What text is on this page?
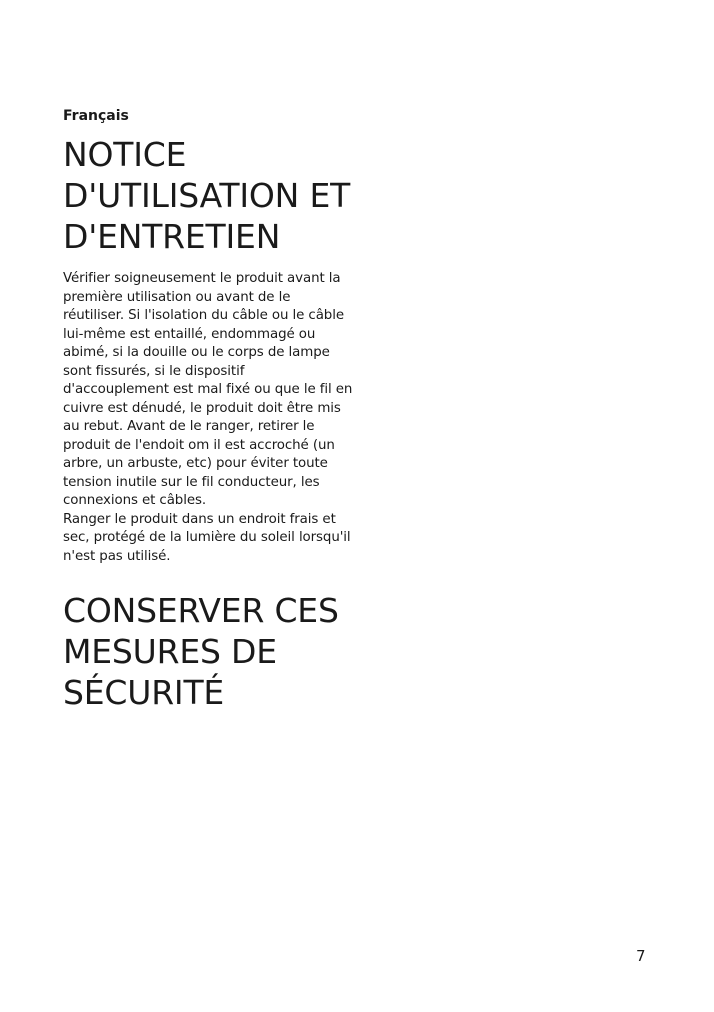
Français
NOTICE D'UTILISATION ET D'ENTRETIEN

Vérifier soigneusement le produit avant la première utilisation ou avant de le réutiliser. Si l'isolation du câble ou le câble lui-même est entaillé, endommagé ou abimé, si la douille ou le corps de lampe sont fissurés, si le dispositif d'accouplement est mal fixé ou que le fil en cuivre est dénudé, le produit doit être mis au rebut. Avant de le ranger, retirer le produit de l'endoit om il est accroché (un arbre, un arbuste, etc) pour éviter toute tension inutile sur le fil conducteur, les connexions et câbles.
Ranger le produit dans un endroit frais et sec, protégé de la lumière du soleil lorsqu'il n'est pas utilisé.

CONSERVER CES MESURES DE SÉCURITÉ
7
